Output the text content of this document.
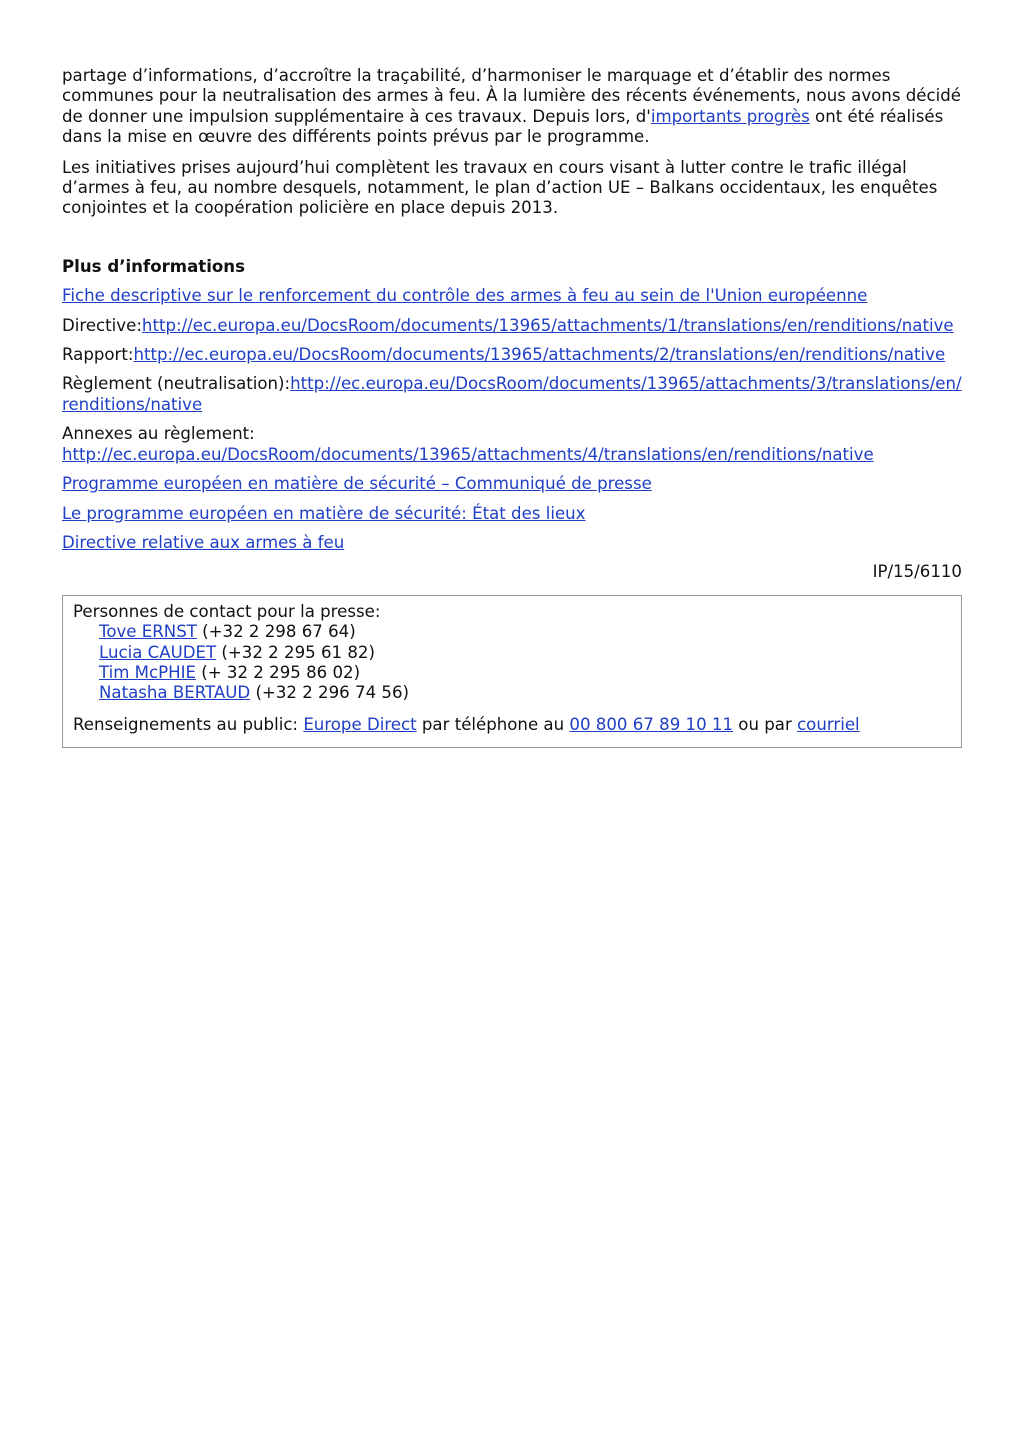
partage d’informations, d’accroître la traçabilité, d’harmoniser le marquage et d’établir des normes communes pour la neutralisation des armes à feu. À la lumière des récents événements, nous avons décidé de donner une impulsion supplémentaire à ces travaux. Depuis lors, d'importants progrès ont été réalisés dans la mise en œuvre des différents points prévus par le programme.

Les initiatives prises aujourd’hui complètent les travaux en cours visant à lutter contre le trafic illégal d’armes à feu, au nombre desquels, notamment, le plan d’action UE – Balkans occidentaux, les enquêtes conjointes et la coopération policière en place depuis 2013.

Plus d’informations

Fiche descriptive sur le renforcement du contrôle des armes à feu au sein de l'Union européenne

Directive:http://ec.europa.eu/DocsRoom/documents/13965/attachments/1/translations/en/renditions/native

Rapport:http://ec.europa.eu/DocsRoom/documents/13965/attachments/2/translations/en/renditions/native

Règlement (neutralisation):http://ec.europa.eu/DocsRoom/documents/13965/attachments/3/translations/en/renditions/native

Annexes au règlement:
http://ec.europa.eu/DocsRoom/documents/13965/attachments/4/translations/en/renditions/native

Programme européen en matière de sécurité – Communiqué de presse

Le programme européen en matière de sécurité: État des lieux

Directive relative aux armes à feu

IP/15/6110

Personnes de contact pour la presse:

Tove ERNST (+32 2 298 67 64)
Lucia CAUDET (+32 2 295 61 82)
Tim McPHIE (+ 32 2 295 86 02)
Natasha BERTAUD (+32 2 296 74 56)

Renseignements au public: Europe Direct par téléphone au 00 800 67 89 10 11 ou par courriel
